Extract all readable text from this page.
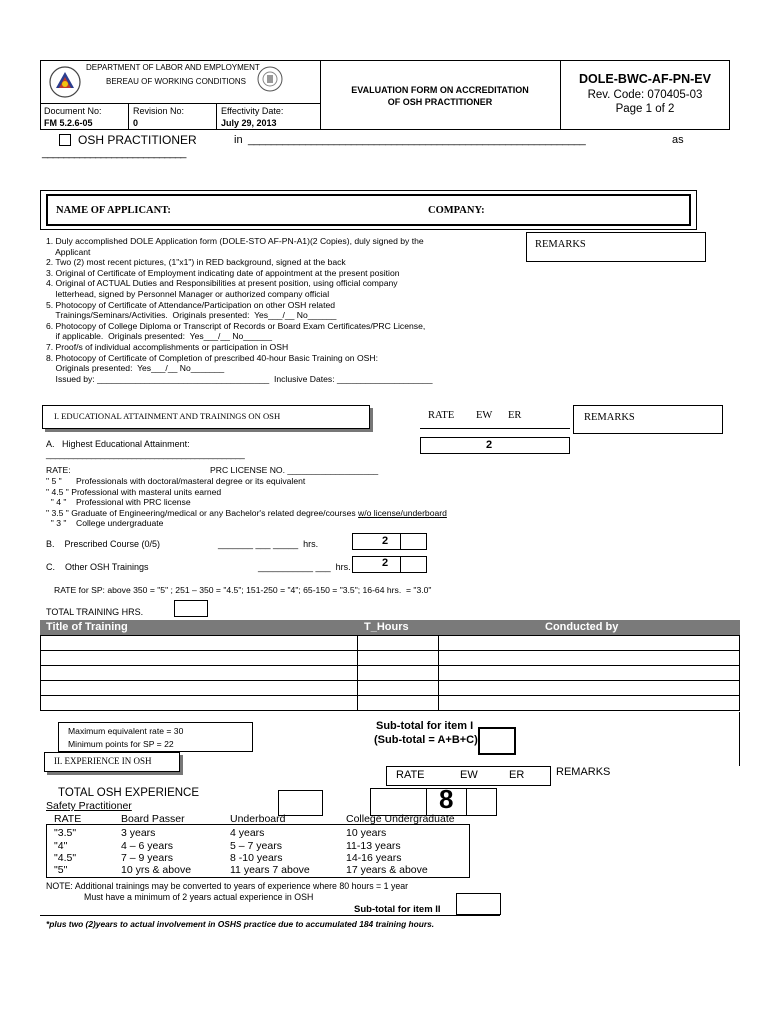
DEPARTMENT OF LABOR AND EMPLOYMENT
BEREAU OF WORKING CONDITIONS
Document No:
FM 5.2.6-05
Revision No:
0
Effectivity Date:
July 29, 2013
EVALUATION FORM ON ACCREDITATION
OF OSH PRACTITIONER
DOLE-BWC-AF-PN-EV
Rev. Code: 070405-03
Page 1 of 2
OSH PRACTITIONER	in ___________________________________________________________	as
___________________________
NAME OF APPLICANT:	COMPANY:
1. Duly accomplished DOLE Application form (DOLE-STO AF-PN-A1)(2 Copies), duly signed by the
Applicant
2. Two (2) most recent pictures, (1"x1") in RED background, signed at the back
3. Original of Certificate of Employment indicating date of appointment at the present position
4. Original of ACTUAL Duties and Responsibilities at present position, using official company
letterhead, signed by Personnel Manager or authorized company official
5. Photocopy of Certificate of Attendance/Participation on other OSH related
Trainings/Seminars/Activities.  Originals presented:  Yes___/__ No______
6. Photocopy of College Diploma or Transcript of Records or Board Exam Certificates/PRC License,
if applicable.  Originals presented:  Yes___/__ No______
7. Proof/s of individual accomplishments or participation in OSH
8. Photocopy of Certificate of Completion of prescribed 40-hour Basic Training on OSH:
Originals presented:  Yes___/__ No_______
Issued by: ____________________________________  Inclusive Dates: ____________________
REMARKS
I. EDUCATIONAL ATTAINMENT AND TRAININGS ON OSH	RATE EW ER	REMARKS
A.   Highest Educational Attainment:
____________________________________________
2
RATE:	PRC LICENSE NO. ___________________
" 5 "      Professionals with doctoral/masteral degree or its equivalent
" 4.5 " Professional with masteral units earned
" 4 "    Professional with PRC license
" 3.5 " Graduate of Engineering/medical or any Bachelor's related degree/courses w/o license/underboard
" 3 "    College undergraduate
B.    Prescribed Course (0/5)	_______ ___ _____  hrs.	2
C.    Other OSH Trainings	___________ ___  hrs.	2
RATE for SP: above 350 = "5" ; 251 – 350 = "4.5"; 151-250 = "4"; 65-150 = "3.5"; 16-64 hrs.  = "3.0"
TOTAL TRAINING HRS.
Title of Training	T_Hours	Conducted by
Maximum equivalent rate = 30
Minimum points for SP = 22
Sub-total for item I
(Sub-total = A+B+C)
II. EXPERIENCE IN OSH
RATE	EW	ER	REMARKS
TOTAL OSH EXPERIENCE	8
Safety Practitioner
RATE	Board Passer	Underboard	College Undergraduate
"3.5"	3 years	4 years	10 years
"4"	4 – 6 years	5 – 7 years	11-13 years
"4.5"	7 – 9 years	8 -10 years	14-16 years
"5"	10 yrs & above	11 years 7 above	17 years & above
NOTE: Additional trainings may be converted to years of experience where 80 hours = 1 year
Must have a minimum of 2 years actual experience in OSH
Sub-total for item II
*plus two (2)years to actual involvement in OSHS practice due to accumulated 184 training hours.
